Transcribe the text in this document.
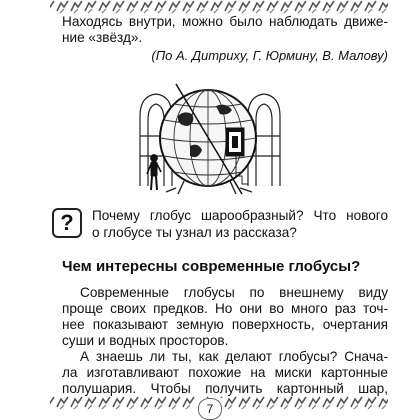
Находясь внутри, можно было наблюдать движе-
ние «звёзд».
(По А. Дитриху, Г. Юрмину, В. Малову)
? Почему глобус шарообразный? Что нового
о глобусе ты узнал из рассказа?
Чем интересны современные глобусы?
Современные глобусы по внешнему виду
проще своих предков. Но они во много раз точ-
нее показывают земную поверхность, очертания
суши и водных просторов.
А знаешь ли ты, как делают глобусы? Снача-
ла изготавливают похожие на миски картонные
полушария. Чтобы получить картонный шар,
7
